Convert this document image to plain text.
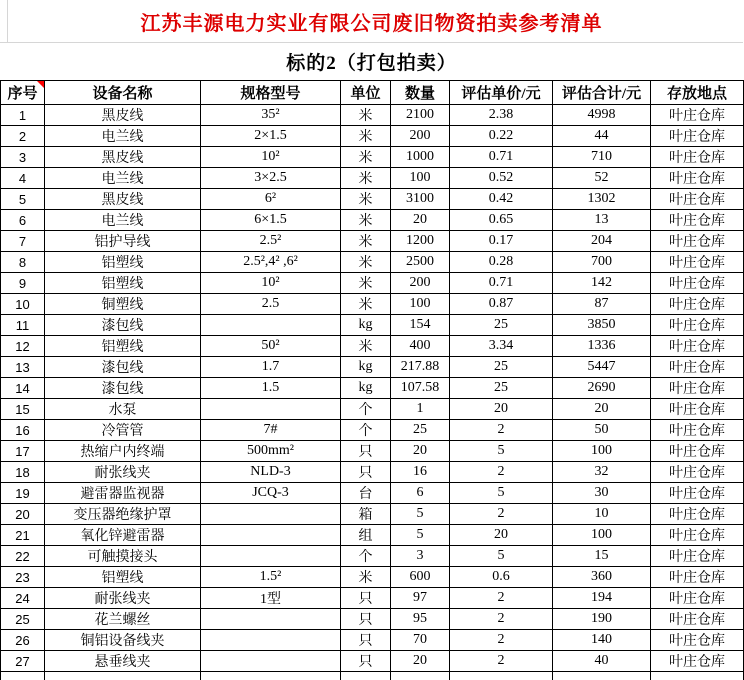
江苏丰源电力实业有限公司废旧物资拍卖参考清单
标的2（打包拍卖）
序号	设备名称	规格型号	单位	数量	评估单价/元	评估合计/元	存放地点
1	黑皮线	35²	米	2100	2.38	4998	叶庄仓库
2	电兰线	2×1.5	米	200	0.22	44	叶庄仓库
3	黑皮线	10²	米	1000	0.71	710	叶庄仓库
4	电兰线	3×2.5	米	100	0.52	52	叶庄仓库
5	黑皮线	6²	米	3100	0.42	1302	叶庄仓库
6	电兰线	6×1.5	米	20	0.65	13	叶庄仓库
7	铝护导线	2.5²	米	1200	0.17	204	叶庄仓库
8	铝塑线	2.5²,4² ,6²	米	2500	0.28	700	叶庄仓库
9	铝塑线	10²	米	200	0.71	142	叶庄仓库
10	铜塑线	2.5	米	100	0.87	87	叶庄仓库
11	漆包线		kg	154	25	3850	叶庄仓库
12	铝塑线	50²	米	400	3.34	1336	叶庄仓库
13	漆包线	1.7	kg	217.88	25	5447	叶庄仓库
14	漆包线	1.5	kg	107.58	25	2690	叶庄仓库
15	水泵		个	1	20	20	叶庄仓库
16	冷管管	7#	个	25	2	50	叶庄仓库
17	热缩户内终端	500mm²	只	20	5	100	叶庄仓库
18	耐张线夹	NLD-3	只	16	2	32	叶庄仓库
19	避雷器监视器	JCQ-3	台	6	5	30	叶庄仓库
20	变压器绝缘护罩		箱	5	2	10	叶庄仓库
21	氧化锌避雷器		组	5	20	100	叶庄仓库
22	可触摸接头		个	3	5	15	叶庄仓库
23	铝塑线	1.5²	米	600	0.6	360	叶庄仓库
24	耐张线夹	1型	只	97	2	194	叶庄仓库
25	花兰螺丝		只	95	2	190	叶庄仓库
26	铜铝设备线夹		只	70	2	140	叶庄仓库
27	悬垂线夹		只	20	2	40	叶庄仓库
